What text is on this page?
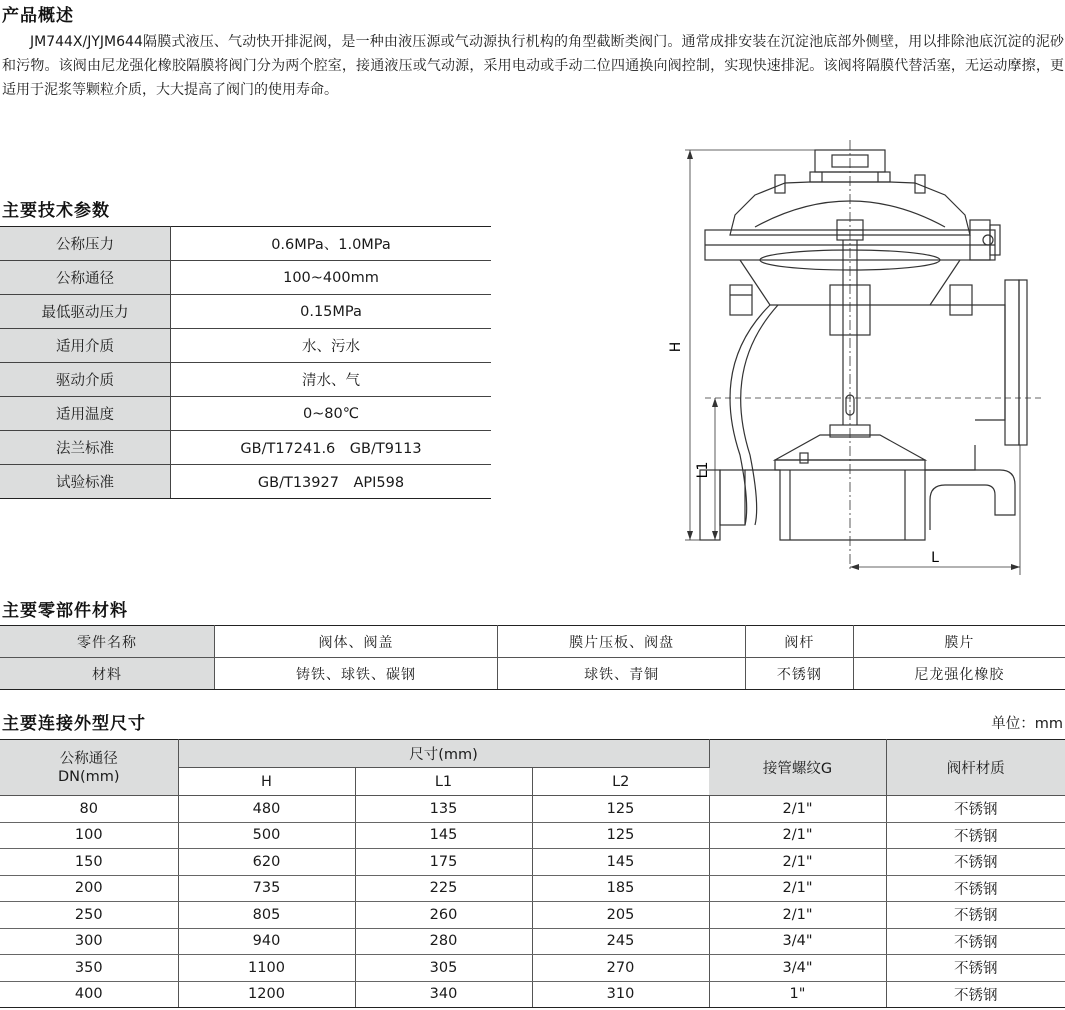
产品概述
  JM744X/JYJM644隔膜式液压、气动快开排泥阀，是一种由液压源或气动源执行机构的角型截断类阀门。通常成排安装在沉淀池底部外侧壁，用以排除池底沉淀的泥砂和污物。该阀由尼龙强化橡胶隔膜将阀门分为两个腔室，接通液压或气动源，采用电动或手动二位四通换向阀控制，实现快速排泥。该阀将隔膜代替活塞，无运动摩擦，更适用于泥浆等颗粒介质，大大提高了阀门的使用寿命。
主要技术参数
公称压力	0.6MPa、1.0MPa
公称通径	100~400mm
最低驱动压力	0.15MPa
适用介质	水、污水
驱动介质	清水、气
适用温度	0~80℃
法兰标准	GB/T17241.6　GB/T9113
试验标准	GB/T13927　API598
H
L1
L
主要零部件材料
零件名称	阀体、阀盖	膜片压板、阀盘	阀杆	膜片
材料	铸铁、球铁、碳钢	球铁、青铜	不锈钢	尼龙强化橡胶
主要连接外型尺寸	单位：mm
公称通径
DN(mm)	尺寸(mm)			接管螺纹G	阀杆材质
	H	L1	L2		
80	480	135	125	2/1"	不锈钢
100	500	145	125	2/1"	不锈钢
150	620	175	145	2/1"	不锈钢
200	735	225	185	2/1"	不锈钢
250	805	260	205	2/1"	不锈钢
300	940	280	245	3/4"	不锈钢
350	1100	305	270	3/4"	不锈钢
400	1200	340	310	1"	不锈钢
